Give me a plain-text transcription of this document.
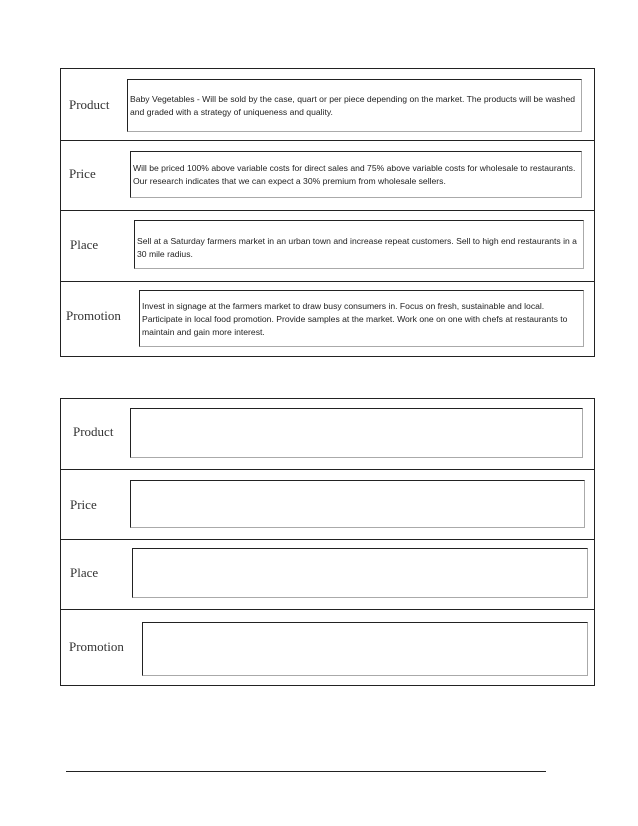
Product Baby Vegetables - Will be sold by the case, quart or per piece depending on the market. The products will be washed and graded with a strategy of uniqueness and quality.
Price	Will be priced 100% above variable costs for direct sales and 75% above variable costs for wholesale to restaurants. Our research indicates that we can expect a 30% premium from wholesale sellers.
Place	Sell at a Saturday farmers market in an urban town and increase repeat customers. Sell to high end restaurants in a 30 mile radius.
Promotion
Invest in signage at the farmers market to draw busy consumers in. Focus on fresh, sustainable and local. Participate in local food promotion. Provide samples at the market. Work one on one with chefs at restaurants to maintain and gain more interest.
Product
Price
Place
Promotion
